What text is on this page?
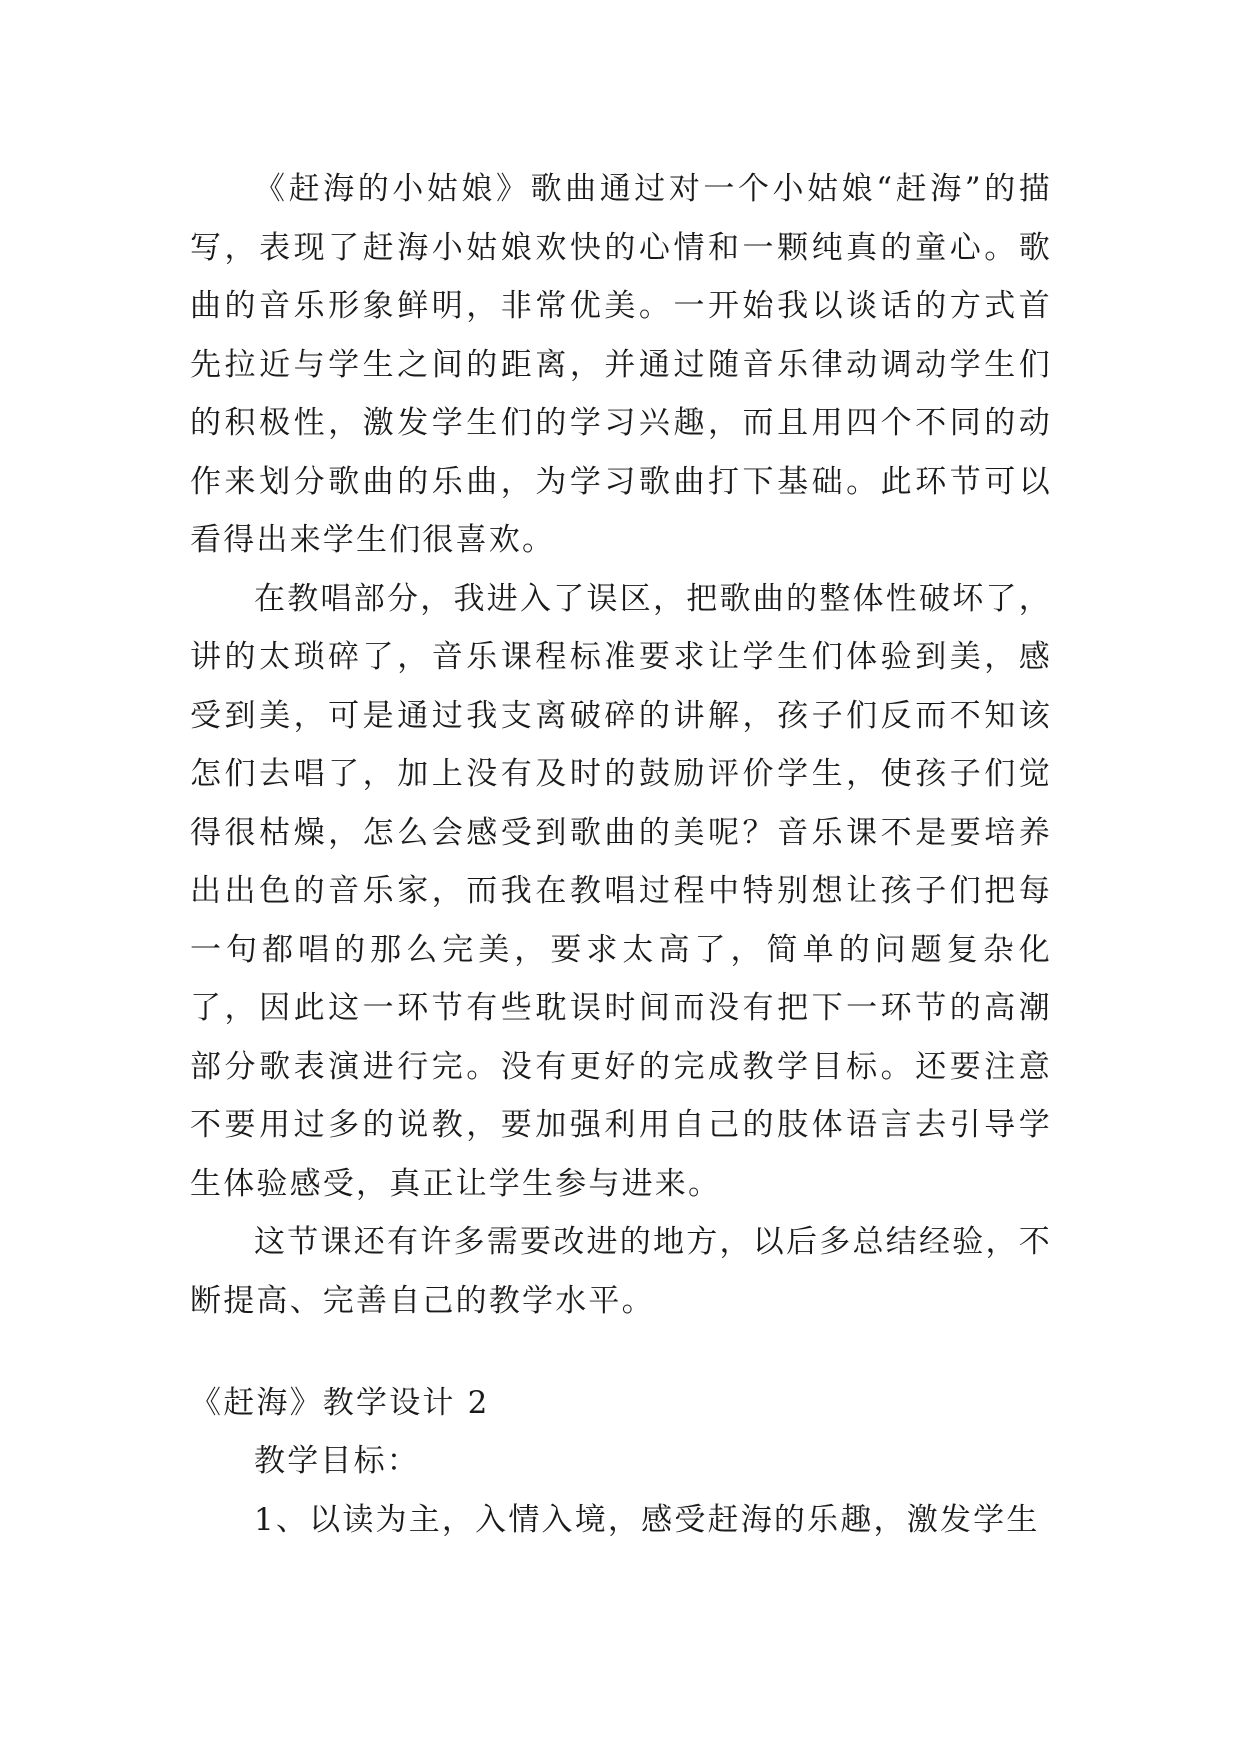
《赶海的小姑娘》歌曲通过对一个小姑娘“赶海”的描写，表现了赶海小姑娘欢快的心情和一颗纯真的童心。歌曲的音乐形象鲜明，非常优美。一开始我以谈话的方式首先拉近与学生之间的距离，并通过随音乐律动调动学生们的积极性，激发学生们的学习兴趣，而且用四个不同的动作来划分歌曲的乐曲，为学习歌曲打下基础。此环节可以看得出来学生们很喜欢。

在教唱部分，我进入了误区，把歌曲的整体性破坏了，讲的太琐碎了，音乐课程标准要求让学生们体验到美，感受到美，可是通过我支离破碎的讲解，孩子们反而不知该怎们去唱了，加上没有及时的鼓励评价学生，使孩子们觉得很枯燥，怎么会感受到歌曲的美呢？音乐课不是要培养出出色的音乐家，而我在教唱过程中特别想让孩子们把每一句都唱的那么完美，要求太高了，简单的问题复杂化了，因此这一环节有些耽误时间而没有把下一环节的高潮部分歌表演进行完。没有更好的完成教学目标。还要注意不要用过多的说教，要加强利用自己的肢体语言去引导学生体验感受，真正让学生参与进来。

这节课还有许多需要改进的地方，以后多总结经验，不断提高、完善自己的教学水平。

《赶海》教学设计 2

教学目标：

1、以读为主，入情入境，感受赶海的乐趣，激发学生
